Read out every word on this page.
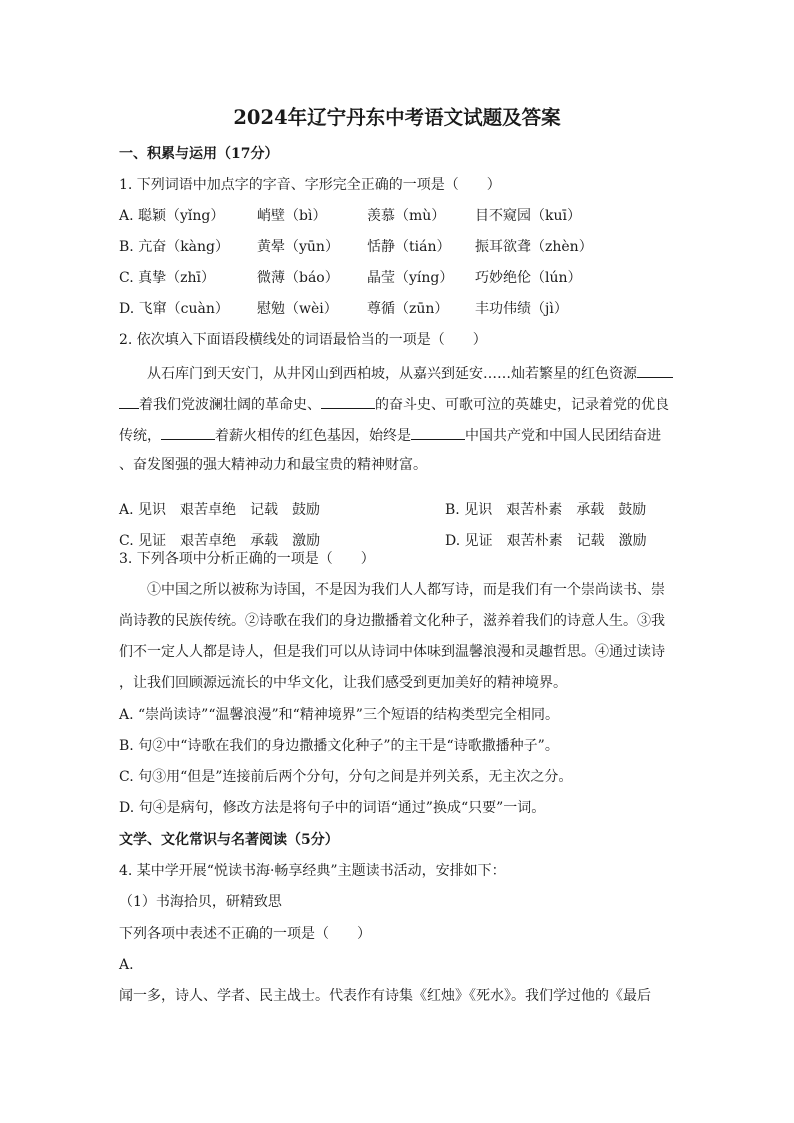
2024年辽宁丹东中考语文试题及答案

一、积累与运用（17分）

1. 下列词语中加点字的字音、字形完全正确的一项是（　　）

A. 聪颖（yǐng）	峭壁（bì）	羡慕（mù）	目不窥园（kuī）
B. 亢奋（kàng）	黄晕（yūn）	恬静（tián）	振耳欲聋（zhèn）
C. 真挚（zhī）	微薄（báo）	晶莹（yíng）	巧妙绝伦（lún）
D. 飞窜（cuàn）	慰勉（wèi）	尊循（zūn）	丰功伟绩（jì）

2. 依次填入下面语段横线处的词语最恰当的一项是（　　）

从石库门到天安门，从井冈山到西柏坡，从嘉兴到延安……灿若繁星的红色资源

着我们党波澜壮阔的革命史、	的奋斗史、可歌可泣的英雄史，记录着党的优良

传统，	着薪火相传的红色基因，始终是	中国共产党和中国人民团结奋进

、奋发图强的强大精神动力和最宝贵的精神财富。

A. 见识　艰苦卓绝　记载　鼓励	B. 见识　艰苦朴素　承载　鼓励

C. 见证　艰苦卓绝　承载　激励	D. 见证　艰苦朴素　记载　激励

3. 下列各项中分析正确的一项是（　　）

①中国之所以被称为诗国，不是因为我们人人都写诗，而是我们有一个崇尚读书、崇

尚诗教的民族传统。②诗歌在我们的身边撒播着文化种子，滋养着我们的诗意人生。③我

们不一定人人都是诗人，但是我们可以从诗词中体味到温馨浪漫和灵趣哲思。④通过读诗

，让我们回顾源远流长的中华文化，让我们感受到更加美好的精神境界。

A. “崇尚读诗”“温馨浪漫”和“精神境界”三个短语的结构类型完全相同。

B. 句②中“诗歌在我们的身边撒播文化种子”的主干是“诗歌撒播种子”。

C. 句③用“但是”连接前后两个分句，分句之间是并列关系，无主次之分。

D. 句④是病句，修改方法是将句子中的词语“通过”换成“只要”一词。

文学、文化常识与名著阅读（5分）

4. 某中学开展“悦读书海·畅享经典”主题读书活动，安排如下：

（1）书海拾贝，研精致思

下列各项中表述不正确的一项是（　　）

A.

闻一多，诗人、学者、民主战士。代表作有诗集《红烛》《死水》。我们学过他的《最后
